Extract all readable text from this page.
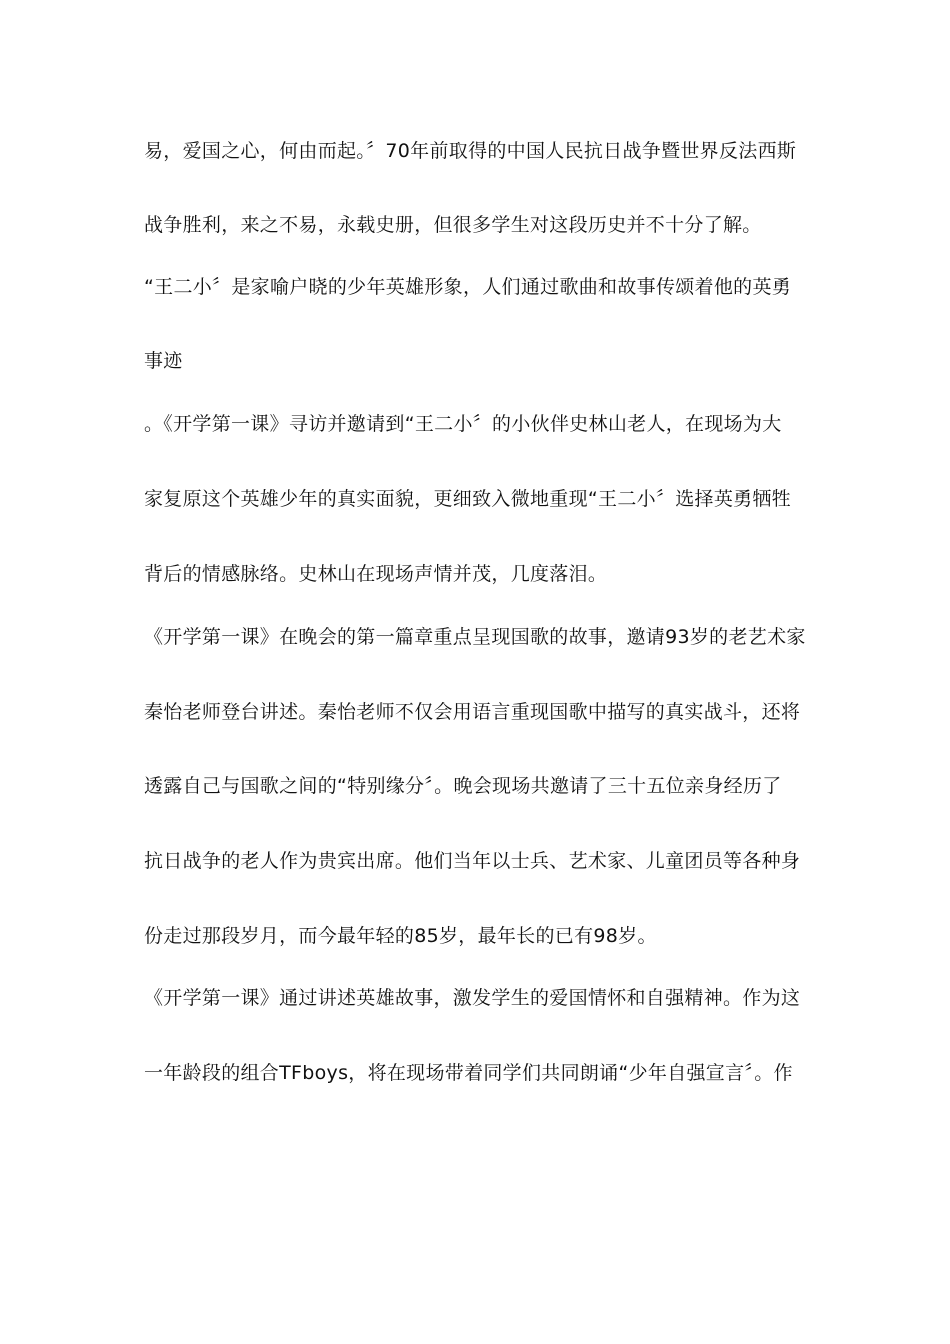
易，爱国之心，何由而起。〞70年前取得的中国人民抗日战争暨世界反法西斯
战争胜利，来之不易，永载史册，但很多学生对这段历史并不十分了解。
“王二小〞是家喻户晓的少年英雄形象，人们通过歌曲和故事传颂着他的英勇
事迹
。《开学第一课》寻访并邀请到“王二小〞的小伙伴史林山老人，在现场为大
家复原这个英雄少年的真实面貌，更细致入微地重现“王二小〞选择英勇牺牲
背后的情感脉络。史林山在现场声情并茂，几度落泪。
《开学第一课》在晚会的第一篇章重点呈现国歌的故事，邀请93岁的老艺术家
秦怡老师登台讲述。秦怡老师不仅会用语言重现国歌中描写的真实战斗，还将
透露自己与国歌之间的“特别缘分〞。晚会现场共邀请了三十五位亲身经历了
抗日战争的老人作为贵宾出席。他们当年以士兵、艺术家、儿童团员等各种身
份走过那段岁月，而今最年轻的85岁，最年长的已有98岁。
《开学第一课》通过讲述英雄故事，激发学生的爱国情怀和自强精神。作为这
一年龄段的组合TFboys，将在现场带着同学们共同朗诵“少年自强宣言〞。作
